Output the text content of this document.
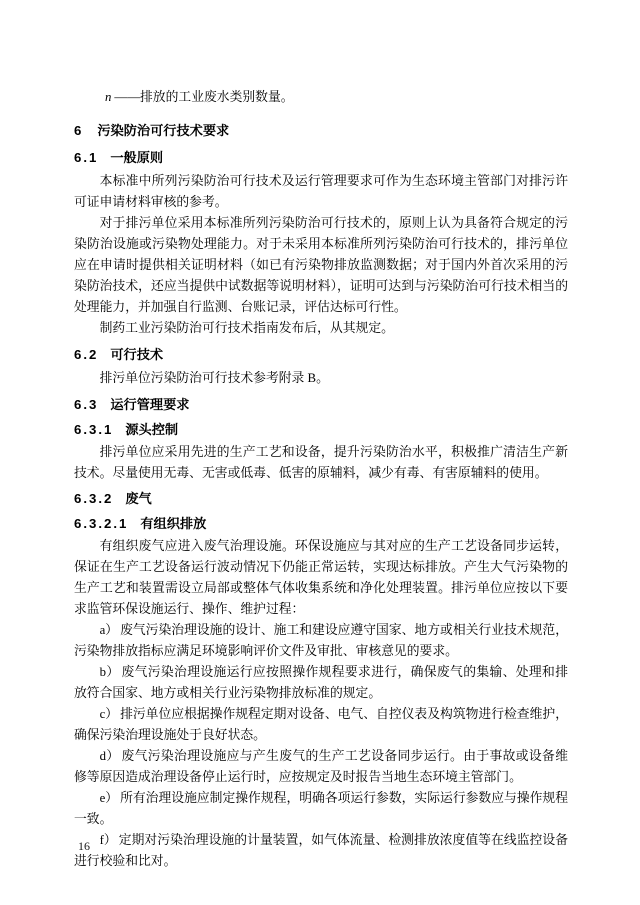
n ——排放的工业废水类别数量。

6 污染防治可行技术要求

6.1 一般原则

本标准中所列污染防治可行技术及运行管理要求可作为生态环境主管部门对排污许可证申请材料审核的参考。

对于排污单位采用本标准所列污染防治可行技术的，原则上认为具备符合规定的污染防治设施或污染物处理能力。对于未采用本标准所列污染防治可行技术的，排污单位应在申请时提供相关证明材料（如已有污染物排放监测数据；对于国内外首次采用的污染防治技术，还应当提供中试数据等说明材料），证明可达到与污染防治可行技术相当的处理能力，并加强自行监测、台账记录，评估达标可行性。

制药工业污染防治可行技术指南发布后，从其规定。

6.2 可行技术

排污单位污染防治可行技术参考附录 B。

6.3 运行管理要求

6.3.1 源头控制

排污单位应采用先进的生产工艺和设备，提升污染防治水平，积极推广清洁生产新技术。尽量使用无毒、无害或低毒、低害的原辅料，减少有毒、有害原辅料的使用。

6.3.2 废气

6.3.2.1 有组织排放

有组织废气应进入废气治理设施。环保设施应与其对应的生产工艺设备同步运转，保证在生产工艺设备运行波动情况下仍能正常运转，实现达标排放。产生大气污染物的生产工艺和装置需设立局部或整体气体收集系统和净化处理装置。排污单位应按以下要求监管环保设施运行、操作、维护过程：

a） 废气污染治理设施的设计、施工和建设应遵守国家、地方或相关行业技术规范，污染物排放指标应满足环境影响评价文件及审批、审核意见的要求。

b） 废气污染治理设施运行应按照操作规程要求进行，确保废气的集输、处理和排放符合国家、地方或相关行业污染物排放标准的规定。

c） 排污单位应根据操作规程定期对设备、电气、自控仪表及构筑物进行检查维护，确保污染治理设施处于良好状态。

d） 废气污染治理设施应与产生废气的生产工艺设备同步运行。由于事故或设备维修等原因造成治理设备停止运行时，应按规定及时报告当地生态环境主管部门。

e） 所有治理设施应制定操作规程，明确各项运行参数，实际运行参数应与操作规程一致。

f） 定期对污染治理设施的计量装置，如气体流量、检测排放浓度值等在线监控设备进行校验和比对。

16
